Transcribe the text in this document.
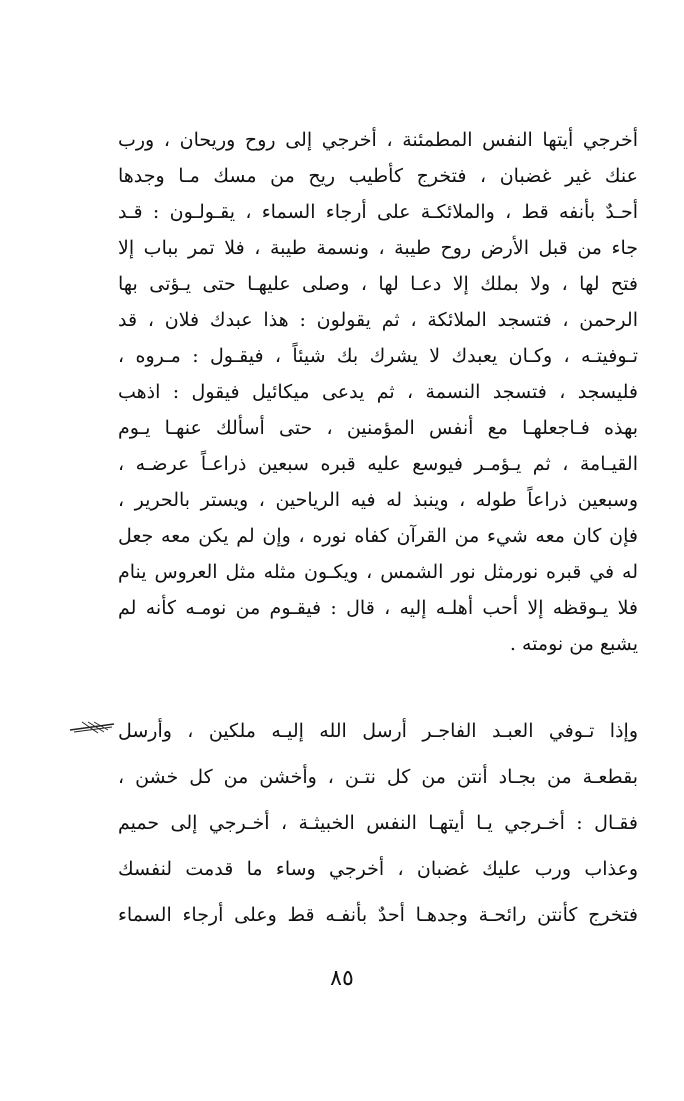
أخرجي أيتها النفس المطمئنة ، أخرجي إلى روح وريحان ، ورب
عنك غير غضبان ، فتخرج كأطيب ريح من مسك مـا وجدها
أحـدٌ بأنفه قط ، والملائكـة على أرجاء السماء ، يقـولـون : قـد
جاء من قبل الأرض روح طيبة ، ونسمة طيبة ، فلا تمر بباب إلا
فتح لها ، ولا بملك إلا دعـا لها ، وصلى عليهـا حتى يـؤتى بها
الرحمن ، فتسجد الملائكة ، ثم يقولون : هذا عبدك فلان ، قد
تـوفيتـه ، وكـان يعبدك لا يشرك بك شيئاً ، فيقـول : مـروه ،
فليسجد ، فتسجد النسمة ، ثم يدعى ميكائيل فيقول : اذهب
بهذه فـاجعلهـا مع أنفس المؤمنين ، حتى أسألك عنهـا يـوم
القيـامة ، ثم يـؤمـر فيوسع عليه قبره سبعين ذراعـاً عرضـه ،
وسبعين ذراعاً طوله ، وينبذ له فيه الرياحين ، ويستر بالحرير ،
فإن كان معه شيء من القرآن كفاه نوره ، وإن لم يكن معه جعل
له في قبره نورمثل نور الشمس ، ويكـون مثله مثل العروس ينام
فلا يـوقظه إلا أحب أهلـه إليه ، قال : فيقـوم من نومـه كأنه لم
يشبع من نومته .
وإذا تـوفي العبـد الفاجـر أرسل الله إليـه ملكين ، وأرسل
بقطعـة من بجـاد أنتن من كل نتـن ، وأخشن من كل خشن ،
فقـال : أخـرجي يـا أيتهـا النفس الخبيثـة ، أخـرجي إلى حميم
وعذاب ورب عليك غضبان ، أخرجي وساء ما قدمت لنفسك
فتخرج كأنتن رائحـة وجدهـا أحدٌ بأنفـه قط وعلى أرجاء السماء
٨٥
